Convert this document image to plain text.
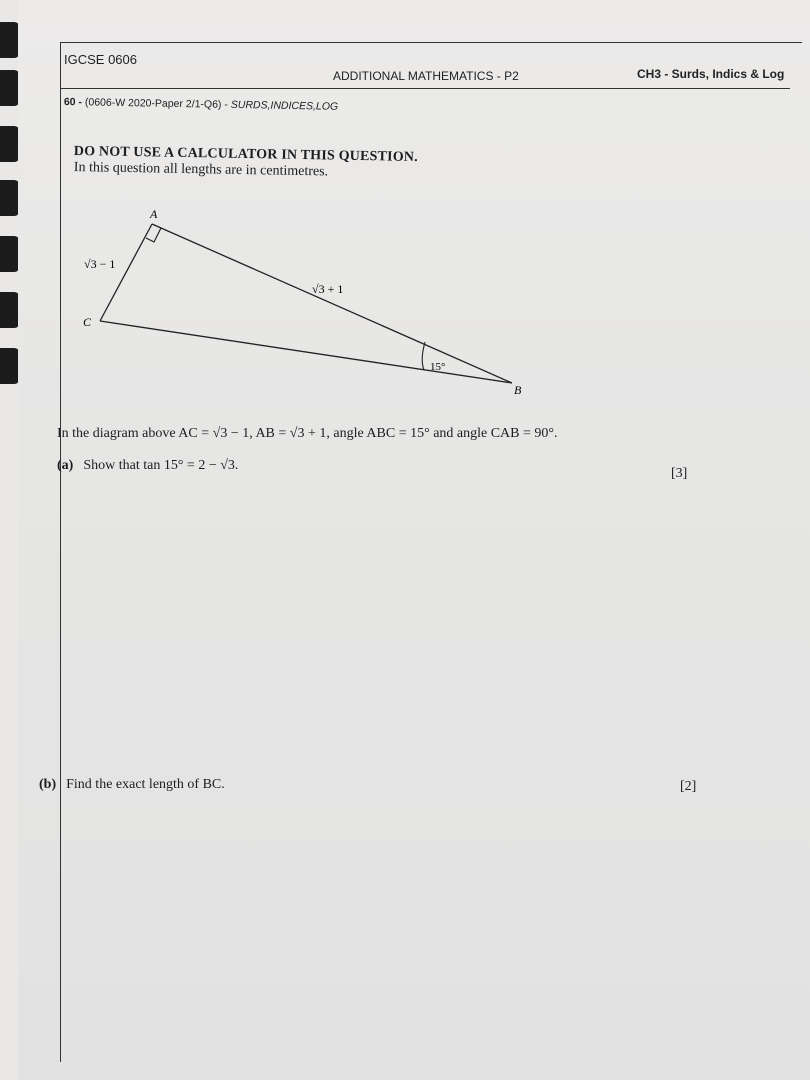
IGCSE 0606
ADDITIONAL MATHEMATICS - P2	CH3 - Surds, Indics & Log
60 - (0606-W 2020-Paper 2/1-Q6) - SURDS,INDICES,LOG
DO NOT USE A CALCULATOR IN THIS QUESTION.
In this question all lengths are in centimetres.
A
B
C
√3 − 1
√3 + 1
15°
In the diagram above AC = √3 − 1, AB = √3 + 1, angle ABC = 15° and angle CAB = 90°.
(a) Show that tan 15° = 2 − √3.
[3]
(b) Find the exact length of BC.	[2]
